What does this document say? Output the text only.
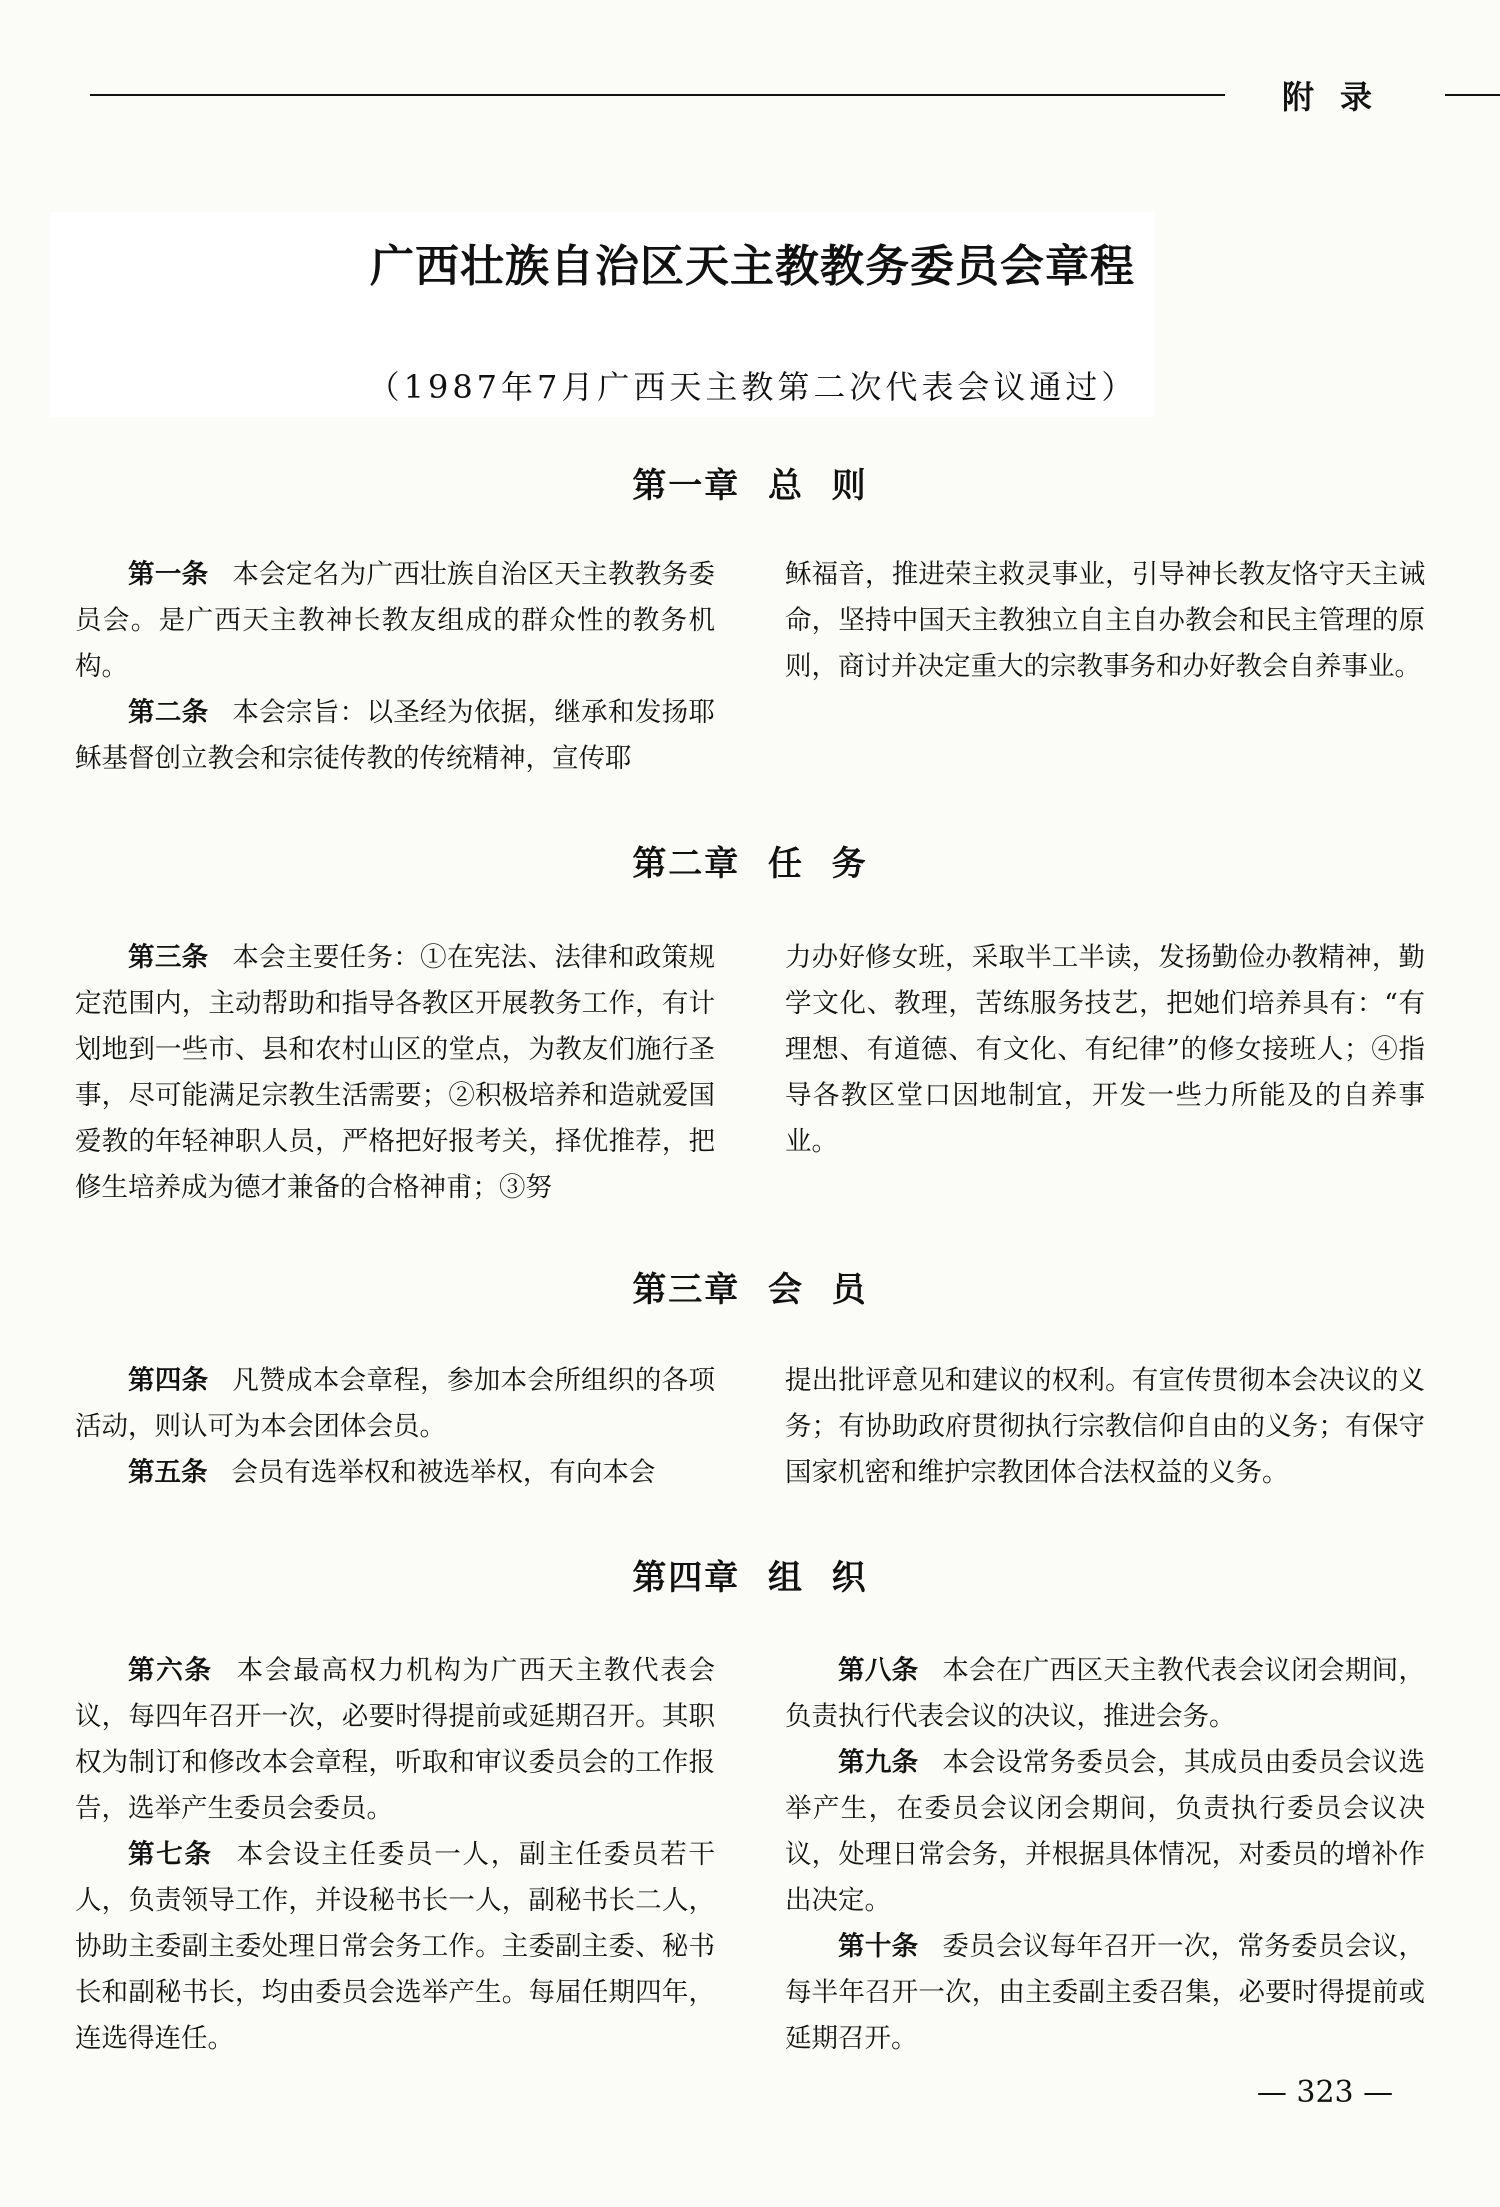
附录
广西壮族自治区天主教教务委员会章程
（1987年7月广西天主教第二次代表会议通过）
第一章  总  则

第一条 本会定名为广西壮族自治区天主教教务委员会。是广西天主教神长教友组成的群众性的教务机构。

第二条 本会宗旨：以圣经为依据，继承和发扬耶稣基督创立教会和宗徒传教的传统精神，宣传耶

稣福音，推进荣主救灵事业，引导神长教友恪守天主诫命，坚持中国天主教独立自主自办教会和民主管理的原则，商讨并决定重大的宗教事务和办好教会自养事业。

第二章  任  务

第三条 本会主要任务：①在宪法、法律和政策规定范围内，主动帮助和指导各教区开展教务工作，有计划地到一些市、县和农村山区的堂点，为教友们施行圣事，尽可能满足宗教生活需要；②积极培养和造就爱国爱教的年轻神职人员，严格把好报考关，择优推荐，把修生培养成为德才兼备的合格神甫；③努

力办好修女班，采取半工半读，发扬勤俭办教精神，勤学文化、教理，苦练服务技艺，把她们培养具有：“有理想、有道德、有文化、有纪律”的修女接班人；④指导各教区堂口因地制宜，开发一些力所能及的自养事业。

第三章  会  员

第四条 凡赞成本会章程，参加本会所组织的各项活动，则认可为本会团体会员。

第五条 会员有选举权和被选举权，有向本会

提出批评意见和建议的权利。有宣传贯彻本会决议的义务；有协助政府贯彻执行宗教信仰自由的义务；有保守国家机密和维护宗教团体合法权益的义务。

第四章  组  织

第六条 本会最高权力机构为广西天主教代表会议，每四年召开一次，必要时得提前或延期召开。其职权为制订和修改本会章程，听取和审议委员会的工作报告，选举产生委员会委员。

第七条 本会设主任委员一人，副主任委员若干人，负责领导工作，并设秘书长一人，副秘书长二人，协助主委副主委处理日常会务工作。主委副主委、秘书长和副秘书长，均由委员会选举产生。每届任期四年，连选得连任。

第八条 本会在广西区天主教代表会议闭会期间，负责执行代表会议的决议，推进会务。

第九条 本会设常务委员会，其成员由委员会议选举产生，在委员会议闭会期间，负责执行委员会议决议，处理日常会务，并根据具体情况，对委员的增补作出决定。

第十条 委员会议每年召开一次，常务委员会议，每半年召开一次，由主委副主委召集，必要时得提前或延期召开。

— 323 —
